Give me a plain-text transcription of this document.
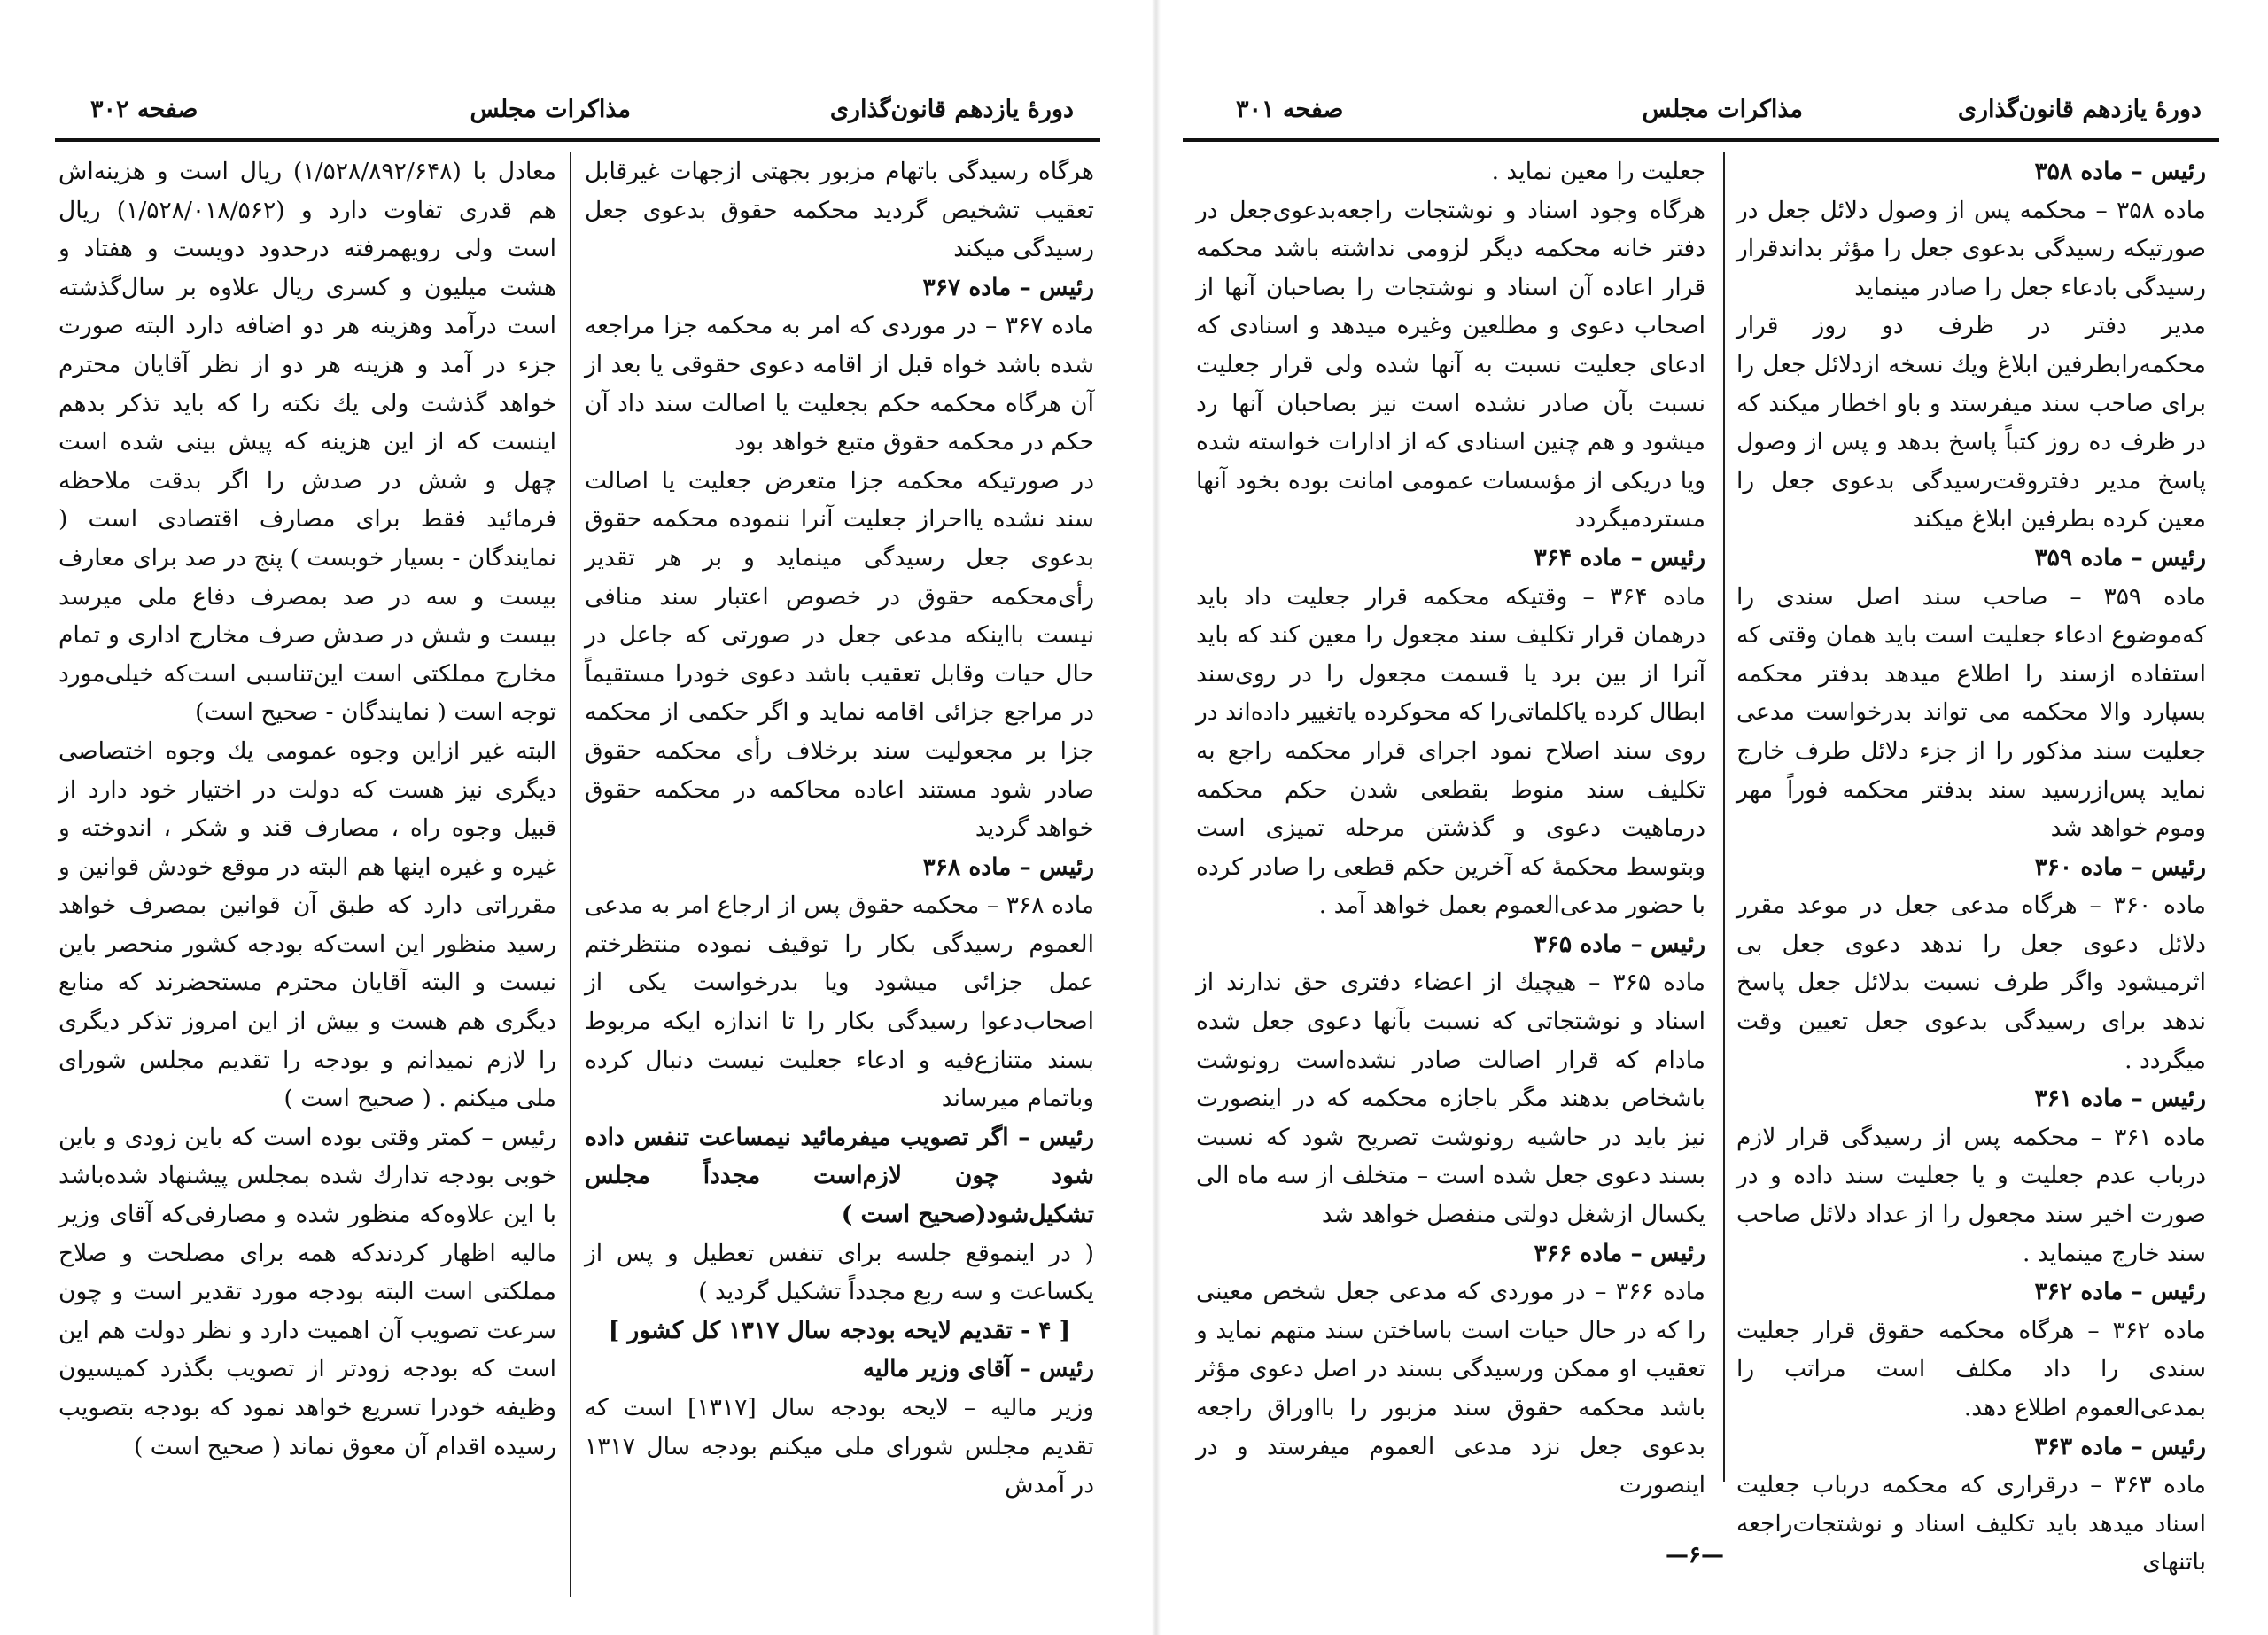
دورهٔ یازدهم قانون‌گذاری
مذاکرات مجلس
صفحه ۳۰۲

هرگاه رسیدگی باتهام مزبور بجهتی ازجهات غیرقابل تعقیب تشخیص گردید محکمه حقوق بدعوی جعل رسیدگی میکند

رئیس – ماده ۳۶۷

ماده ۳۶۷ – در موردی که امر به محکمه جزا مراجعه شده باشد خواه قبل از اقامه دعوی حقوقی یا بعد از آن هرگاه محکمه حکم بجعلیت یا اصالت سند داد آن حکم در محکمه حقوق متبع خواهد بود

در صورتیکه محکمه جزا متعرض جعلیت یا اصالت سند نشده یااحراز جعلیت آنرا ننموده محکمه حقوق بدعوی جعل رسیدگی مینماید و بر هر تقدیر رأی‌محکمه حقوق در خصوص اعتبار سند منافی نیست بااینکه مدعی جعل در صورتی که جاعل در حال حیات وقابل تعقیب باشد دعوی خودرا مستقیماً در مراجع جزائی اقامه نماید و اگر حکمی از محکمه جزا بر مجعولیت سند برخلاف رأی محکمه حقوق صادر شود مستند اعاده محاکمه در محکمه حقوق خواهد گردید

رئیس – ماده ۳۶۸

ماده ۳۶۸ – محکمه حقوق پس از ارجاع امر به مدعی العموم رسیدگی بکار را توقیف نموده منتظرختم عمل جزائی میشود ویا بدرخواست یکی از اصحاب‌دعوا رسیدگی بکار را تا اندازه ایکه مربوط بسند متنازع‌فیه و ادعاء جعلیت نیست دنبال کرده وباتمام میرساند

رئیس – اگر تصویب میفرمائید نیمساعت تنفس داده شود چون لازم‌است مجدداً مجلس تشکیل‌شود(صحیح است )

( در اینموقع جلسه برای تنفس تعطیل و پس از یکساعت و سه ربع مجدداً تشکیل گردید )

[ ۴ - تقدیم لایحه بودجه سال ۱۳۱۷ کل کشور ]

رئیس – آقای وزیر مالیه

وزیر مالیه – لایحه بودجه سال [۱۳۱۷] است که تقدیم مجلس شورای ملی میکنم بودجه سال ۱۳۱۷ در آمدش

معادل با (۱/۵۲۸/۸۹۲/۶۴۸) ریال است و هزینه‌اش هم قدری تفاوت دارد و (۱/۵۲۸/۰۱۸/۵۶۲) ریال است ولی رویهمرفته درحدود دویست و هفتاد و هشت میلیون و کسری ریال علاوه بر سال‌گذشته است درآمد وهزینه هر دو اضافه دارد البته صورت جزء در آمد و هزینه هر دو از نظر آقایان محترم خواهد گذشت ولی یك نکته را که باید تذکر بدهم اینست که از این هزینه که پیش بینی شده است چهل و شش در صدش را اگر بدقت ملاحظه فرمائید فقط برای مصارف اقتصادی است ( نمایندگان - بسیار خوبست ) پنج در صد برای معارف بیست و سه در صد بمصرف دفاع ملی میرسد بیست و شش در صدش صرف مخارج اداری و تمام مخارج مملکتی است این‌تناسبی است‌که خیلی‌مورد توجه است ( نمایندگان - صحیح است)

البته غیر ازاین وجوه عمومی یك وجوه اختصاصی دیگری نیز هست که دولت در اختیار خود دارد از قبیل وجوه راه ، مصارف قند و شکر ، اندوخته و غیره و غیره اینها هم البته در موقع خودش قوانین و مقرراتی دارد که طبق آن قوانین بمصرف خواهد رسید منظور این است‌که بودجه کشور منحصر باین نیست و البته آقایان محترم مستحضرند که منابع دیگری هم هست و بیش از این امروز تذکر دیگری را لازم نمیدانم و بودجه را تقدیم مجلس شورای ملی میکنم . ( صحیح است )

رئیس – کمتر وقتی بوده است که باین زودی و باین خوبی بودجه تدارك شده بمجلس پیشنهاد شده‌باشد با این علاوه‌که منظور شده و مصارفی‌که آقای وزیر مالیه اظهار کردندکه همه برای مصلحت و صلاح مملکتی است البته بودجه مورد تقدیر است و چون سرعت تصویب آن اهمیت دارد و نظر دولت هم این است که بودجه زودتر از تصویب بگذرد کمیسیون وظیفه خودرا تسریع خواهد نمود که بودجه بتصویب رسیده اقدام آن معوق نماند ( صحیح است )

دورهٔ یازدهم قانون‌گذاری
مذاکرات مجلس
صفحه ۳۰۱

رئیس – ماده ۳۵۸

ماده ۳۵۸ – محکمه پس از وصول دلائل جعل در صورتیکه رسیدگی بدعوی جعل را مؤثر بداندقرار رسیدگی بادعاء جعل را صادر مینماید

مدیر دفتر در ظرف دو روز قرار محکمه‌رابطرفین ابلاغ ویك نسخه ازدلائل جعل را برای صاحب سند میفرستد و باو اخطار میکند که در ظرف ده روز کتباً پاسخ بدهد و پس از وصول پاسخ مدیر دفتروقت‌رسیدگی بدعوی جعل را معین کرده بطرفین ابلاغ میکند

رئیس – ماده ۳۵۹

ماده ۳۵۹ – صاحب سند اصل سندی را که‌موضوع ادعاء جعلیت است باید همان وقتی که استفاده ازسند را اطلاع میدهد بدفتر محکمه بسپارد والا محکمه می تواند بدرخواست مدعی جعلیت سند مذکور را از جزء دلائل طرف خارج نماید پس‌ازرسید سند بدفتر محکمه فوراً مهر وموم خواهد شد

رئیس – ماده ۳۶۰

ماده ۳۶۰ – هرگاه مدعی جعل در موعد مقرر دلائل دعوی جعل را ندهد دعوی جعل بی اثرمیشود واگر طرف نسبت بدلائل جعل پاسخ ندهد برای رسیدگی بدعوی جعل تعیین وقت میگردد .

رئیس – ماده ۳۶۱

ماده ۳۶۱ – محکمه پس از رسیدگی قرار لازم درباب عدم جعلیت و یا جعلیت سند داده و در صورت اخیر سند مجعول را از عداد دلائل صاحب سند خارج مینماید .

رئیس – ماده ۳۶۲

ماده ۳۶۲ – هرگاه محکمه حقوق قرار جعلیت سندی را داد مکلف است مراتب را بمدعی‌العموم اطلاع دهد.

رئیس – ماده ۳۶۳

ماده ۳۶۳ – درقراری که محکمه درباب جعلیت اسناد میدهد باید تکلیف اسناد و نوشتجات‌راجعه باتنهای

جعلیت را معین نماید .

هرگاه وجود اسناد و نوشتجات راجعه‌بدعوی‌جعل در دفتر خانه محکمه دیگر لزومی نداشته باشد محکمه قرار اعاده آن اسناد و نوشتجات را بصاحبان آنها از اصحاب دعوی و مطلعین وغیره میدهد و اسنادی که ادعای جعلیت نسبت به آنها شده ولی قرار جعلیت نسبت بآن صادر نشده است نیز بصاحبان آنها رد میشود و هم چنین اسنادی که از ادارات خواسته شده ویا دریکی از مؤسسات عمومی امانت بوده بخود آنها مستردمیگردد

رئیس – ماده ۳۶۴

ماده ۳۶۴ – وقتیکه محکمه قرار جعلیت داد باید درهمان قرار تکلیف سند مجعول را معین کند که باید آنرا از بین برد یا قسمت مجعول را در روی‌سند ابطال کرده یاکلماتی‌را که محوکرده یاتغییر داده‌اند در روی سند اصلاح نمود اجرای قرار محکمه راجع به تکلیف سند منوط بقطعی شدن حکم محکمه درماهیت دعوی و گذشتن مرحله تمیزی است وبتوسط محکمهٔ که آخرین حکم قطعی را صادر کرده با حضور مدعی‌العموم بعمل خواهد آمد .

رئیس – ماده ۳۶۵

ماده ۳۶۵ – هیچیك از اعضاء دفتری حق ندارند از اسناد و نوشتجاتی که نسبت بآنها دعوی جعل شده مادام که قرار اصالت صادر نشده‌است رونوشت باشخاص بدهند مگر باجازه محکمه که در اینصورت نیز باید در حاشیه رونوشت تصریح شود که نسبت بسند دعوی جعل شده است – متخلف از سه ماه الی یکسال ازشغل دولتی منفصل خواهد شد

رئیس – ماده ۳۶۶

ماده ۳۶۶ – در موردی که مدعی جعل شخص معینی را که در حال حیات است باساختن سند متهم نماید و تعقیب او ممکن ورسیدگی بسند در اصل دعوی مؤثر باشد محکمه حقوق سند مزبور را بااوراق راجعه بدعوی جعل نزد مدعی العموم میفرستد و در اینصورت

—۶—
